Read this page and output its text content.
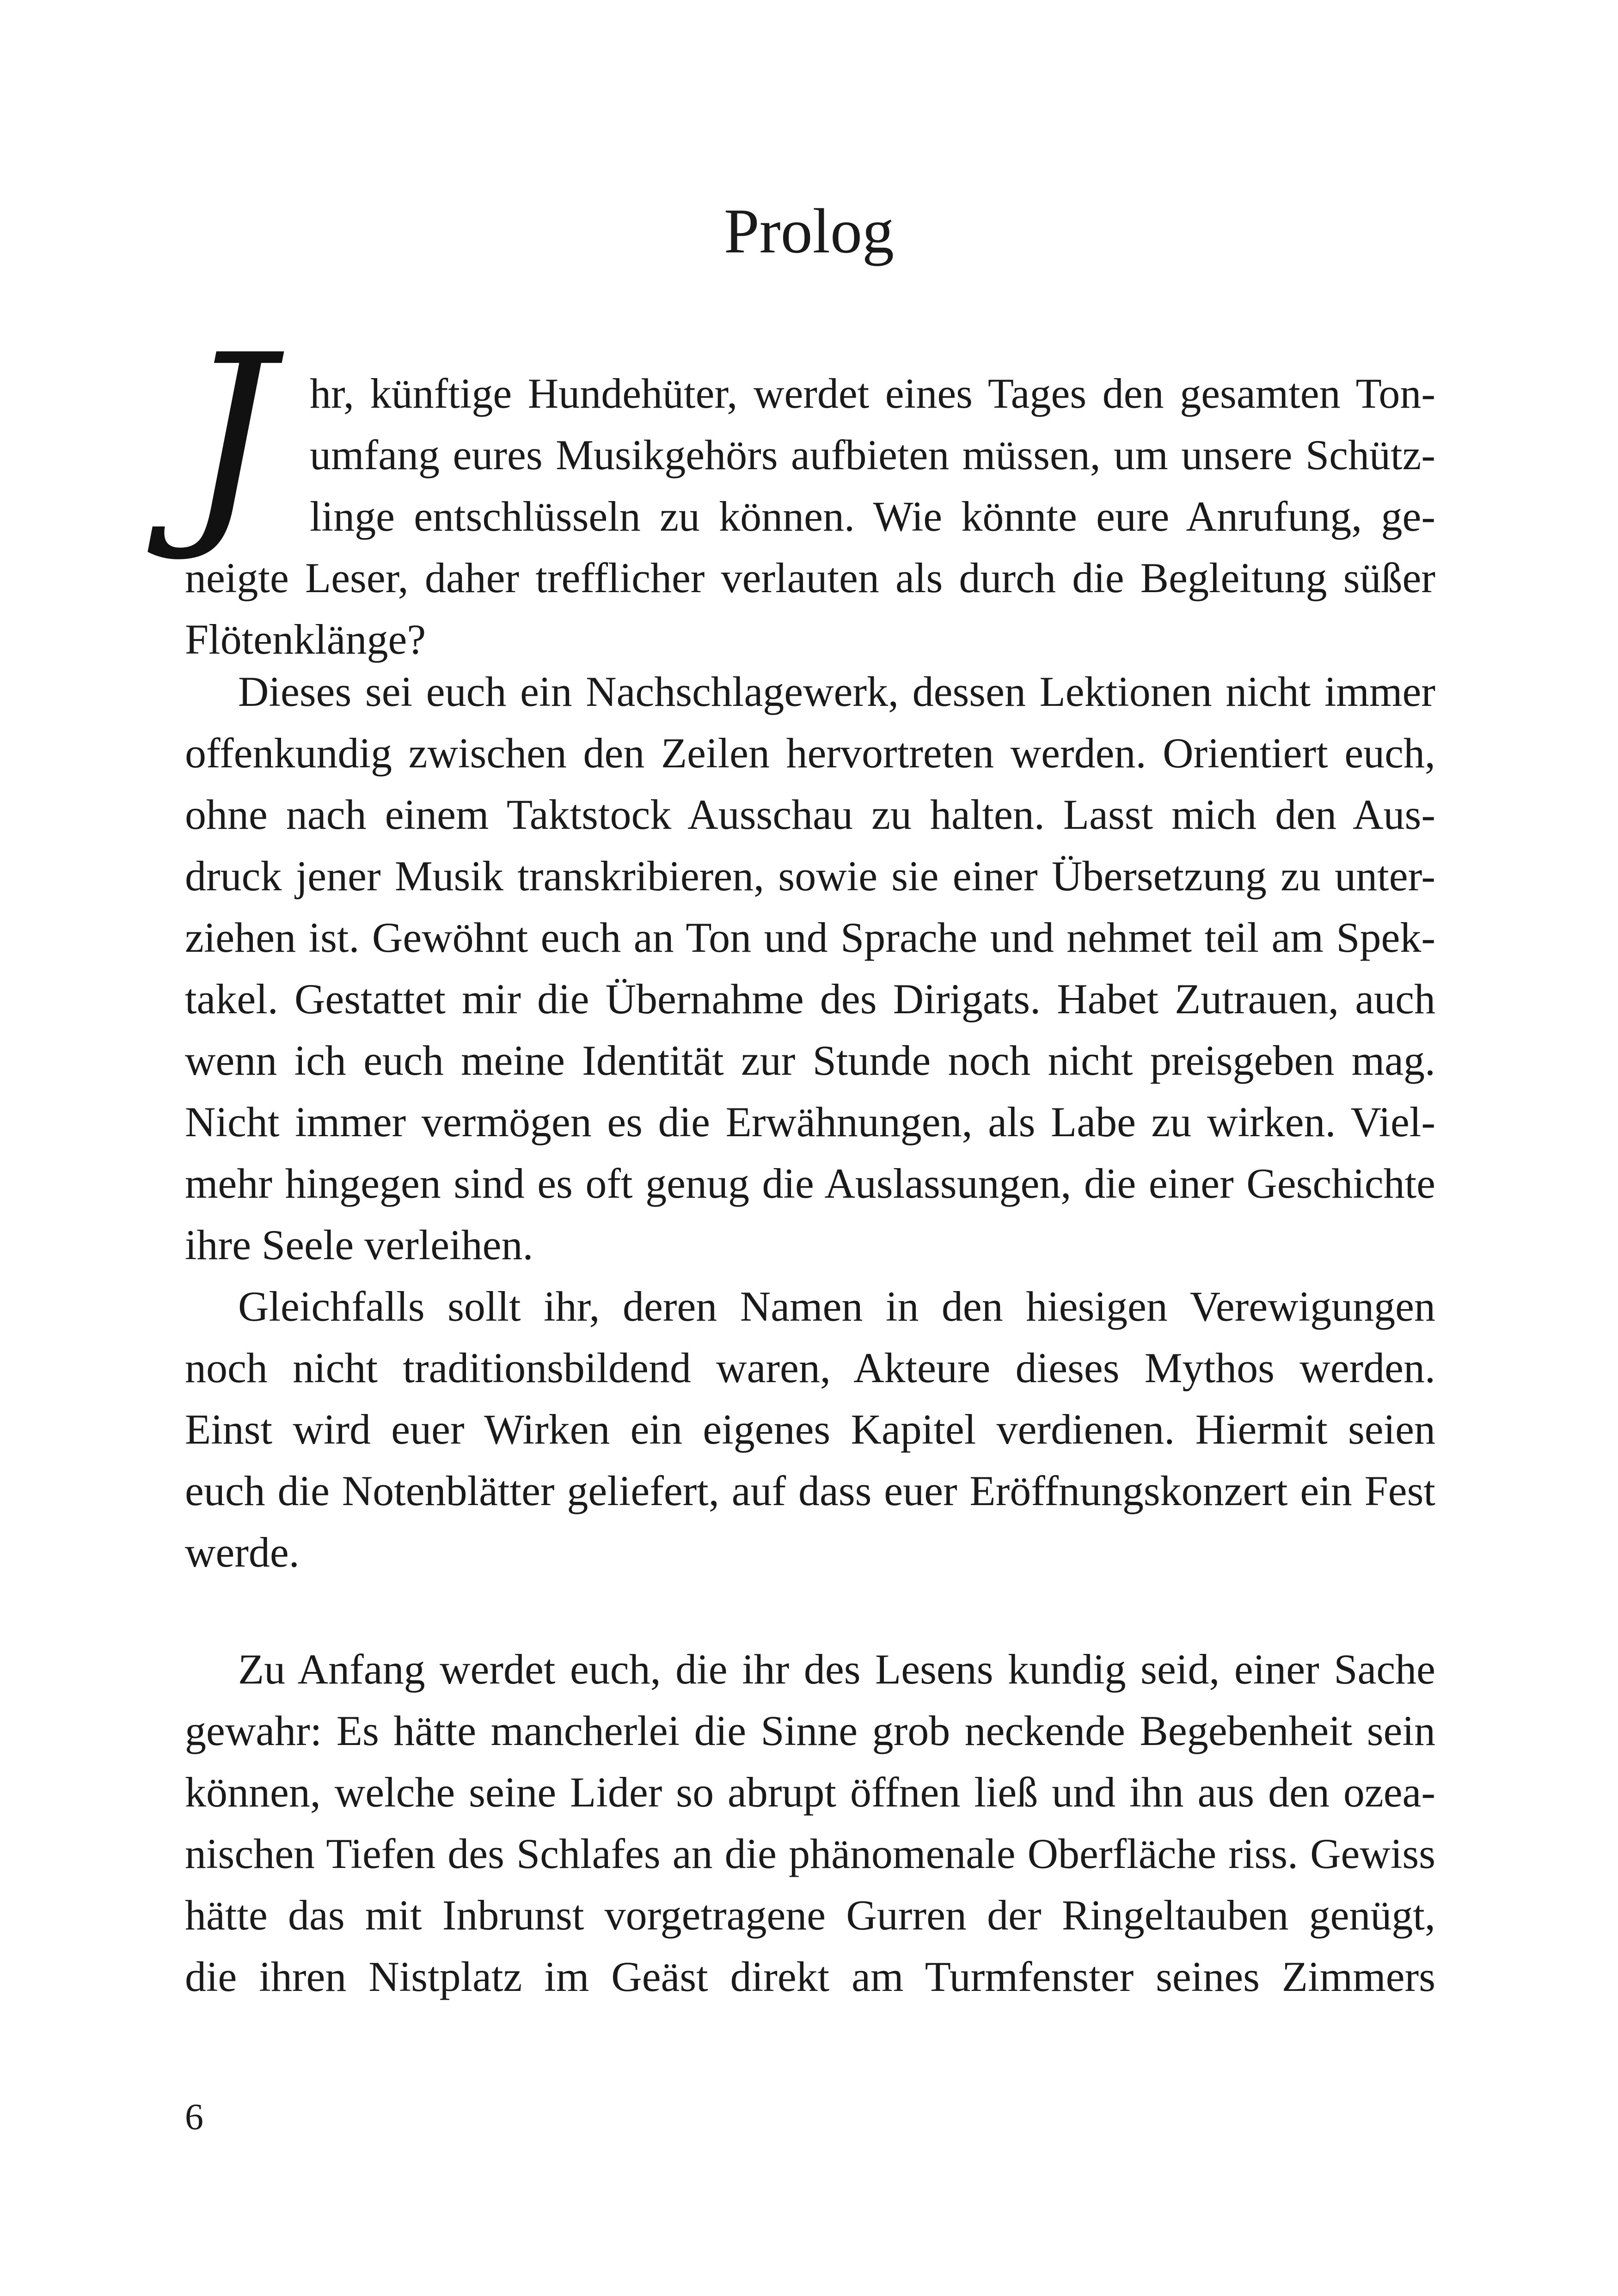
Prolog
J hr, künftige Hundehüter, werdet eines Tages den gesamten Ton-
umfang eures Musikgehörs aufbieten müssen, um unsere Schütz-
linge entschlüsseln zu können. Wie könnte eure Anrufung, ge-
neigte Leser, daher trefflicher verlauten als durch die Begleitung süßer
Flötenklänge?
Dieses sei euch ein Nachschlagewerk, dessen Lektionen nicht immer
offenkundig zwischen den Zeilen hervortreten werden. Orientiert euch,
ohne nach einem Taktstock Ausschau zu halten. Lasst mich den Aus-
druck jener Musik transkribieren, sowie sie einer Übersetzung zu unter-
ziehen ist. Gewöhnt euch an Ton und Sprache und nehmet teil am Spek-
takel. Gestattet mir die Übernahme des Dirigats. Habet Zutrauen, auch
wenn ich euch meine Identität zur Stunde noch nicht preisgeben mag.
Nicht immer vermögen es die Erwähnungen, als Labe zu wirken. Viel-
mehr hingegen sind es oft genug die Auslassungen, die einer Geschichte
ihre Seele verleihen.
Gleichfalls sollt ihr, deren Namen in den hiesigen Verewigungen
noch nicht traditionsbildend waren, Akteure dieses Mythos werden.
Einst wird euer Wirken ein eigenes Kapitel verdienen. Hiermit seien
euch die Notenblätter geliefert, auf dass euer Eröffnungskonzert ein Fest
werde.
Zu Anfang werdet euch, die ihr des Lesens kundig seid, einer Sache
gewahr: Es hätte mancherlei die Sinne grob neckende Begebenheit sein
können, welche seine Lider so abrupt öffnen ließ und ihn aus den ozea-
nischen Tiefen des Schlafes an die phänomenale Oberfläche riss. Gewiss
hätte das mit Inbrunst vorgetragene Gurren der Ringeltauben genügt,
die ihren Nistplatz im Geäst direkt am Turmfenster seines Zimmers
6
